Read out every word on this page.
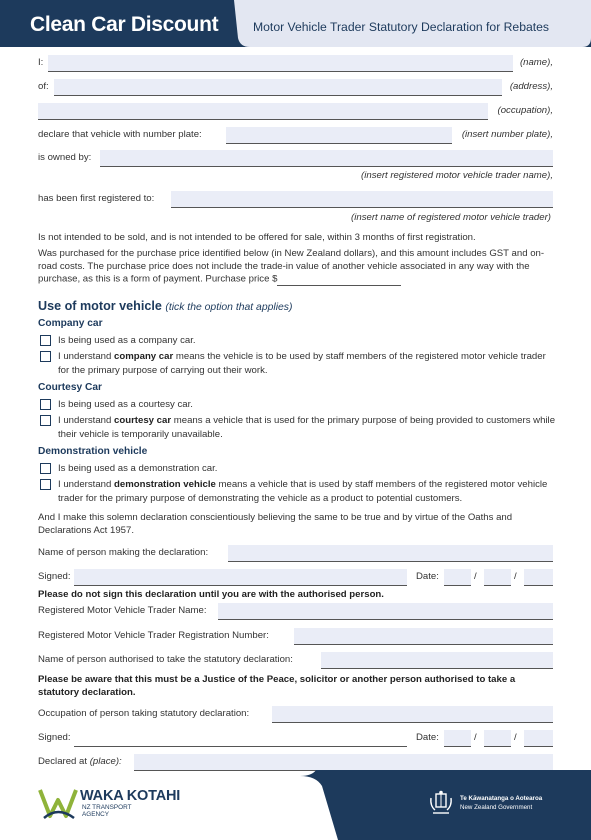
Clean Car Discount	Motor Vehicle Trader Statutory Declaration for Rebates
I:	(name),
of:	(address),
(occupation),
declare that vehicle with number plate:	(insert number plate),
is owned by:
(insert registered motor vehicle trader name),
has been first registered to:
(insert name of registered motor vehicle trader)
Is not intended to be sold, and is not intended to be offered for sale, within 3 months of first registration.
Was purchased for the purchase price identified below (in New Zealand dollars), and this amount includes GST and on-road costs. The purchase price does not include the trade-in value of another vehicle associated in any way with the purchase, as this is a form of payment. Purchase price $
Use of motor vehicle (tick the option that applies)
Company car
Is being used as a company car.
I understand company car means the vehicle is to be used by staff members of the registered motor vehicle trader for the primary purpose of carrying out their work.
Courtesy Car
Is being used as a courtesy car.
I understand courtesy car means a vehicle that is used for the primary purpose of being provided to customers while their vehicle is temporarily unavailable.
Demonstration vehicle
Is being used as a demonstration car.
I understand demonstration vehicle means a vehicle that is used by staff members of the registered motor vehicle trader for the primary purpose of demonstrating the vehicle as a product to potential customers.
And I make this solemn declaration conscientiously believing the same to be true and by virtue of the Oaths and Declarations Act 1957.
Name of person making the declaration:
Signed:	Date:	/	/
Please do not sign this declaration until you are with the authorised person.
Registered Motor Vehicle Trader Name:
Registered Motor Vehicle Trader Registration Number:
Name of person authorised to take the statutory declaration:
Please be aware that this must be a Justice of the Peace, solicitor or another person authorised to take a statutory declaration.
Occupation of person taking statutory declaration:
Signed:	Date:	/	/
Declared at (place):
WAKA KOTAHI
NZ TRANSPORT
AGENCY
Te Kāwanatanga o Aotearoa
New Zealand Government
